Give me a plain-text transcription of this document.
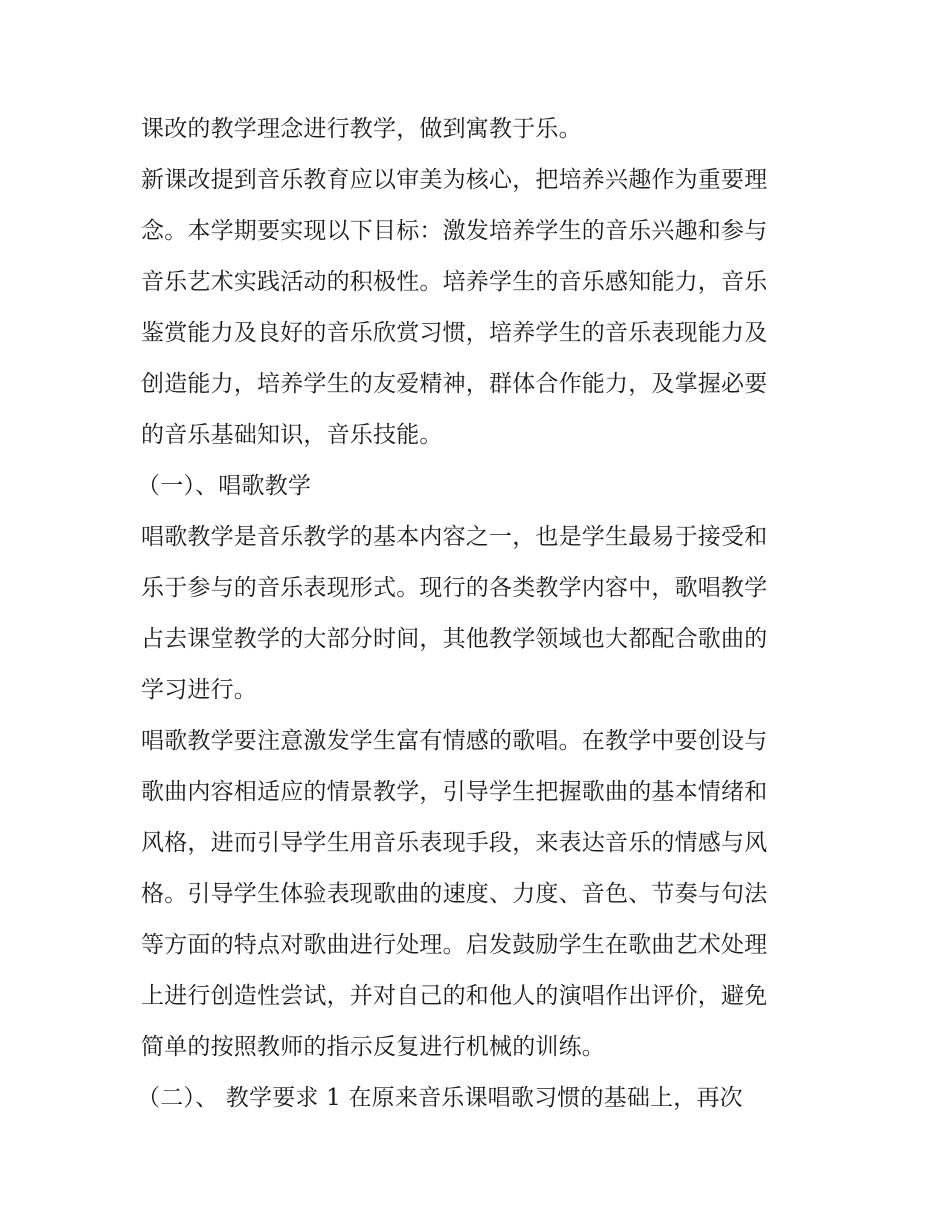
课改的教学理念进行教学，做到寓教于乐。
新课改提到音乐教育应以审美为核心，把培养兴趣作为重要理
念。本学期要实现以下目标：激发培养学生的音乐兴趣和参与
音乐艺术实践活动的积极性。培养学生的音乐感知能力，音乐
鉴赏能力及良好的音乐欣赏习惯，培养学生的音乐表现能力及
创造能力，培养学生的友爱精神，群体合作能力，及掌握必要
的音乐基础知识，音乐技能。
（一）、唱歌教学
唱歌教学是音乐教学的基本内容之一，也是学生最易于接受和
乐于参与的音乐表现形式。现行的各类教学内容中，歌唱教学
占去课堂教学的大部分时间，其他教学领域也大都配合歌曲的
学习进行。
唱歌教学要注意激发学生富有情感的歌唱。在教学中要创设与
歌曲内容相适应的情景教学，引导学生把握歌曲的基本情绪和
风格，进而引导学生用音乐表现手段，来表达音乐的情感与风
格。引导学生体验表现歌曲的速度、力度、音色、节奏与句法
等方面的特点对歌曲进行处理。启发鼓励学生在歌曲艺术处理
上进行创造性尝试，并对自己的和他人的演唱作出评价，避免
简单的按照教师的指示反复进行机械的训练。
（二）、 教学要求 1 在原来音乐课唱歌习惯的基础上，再次
